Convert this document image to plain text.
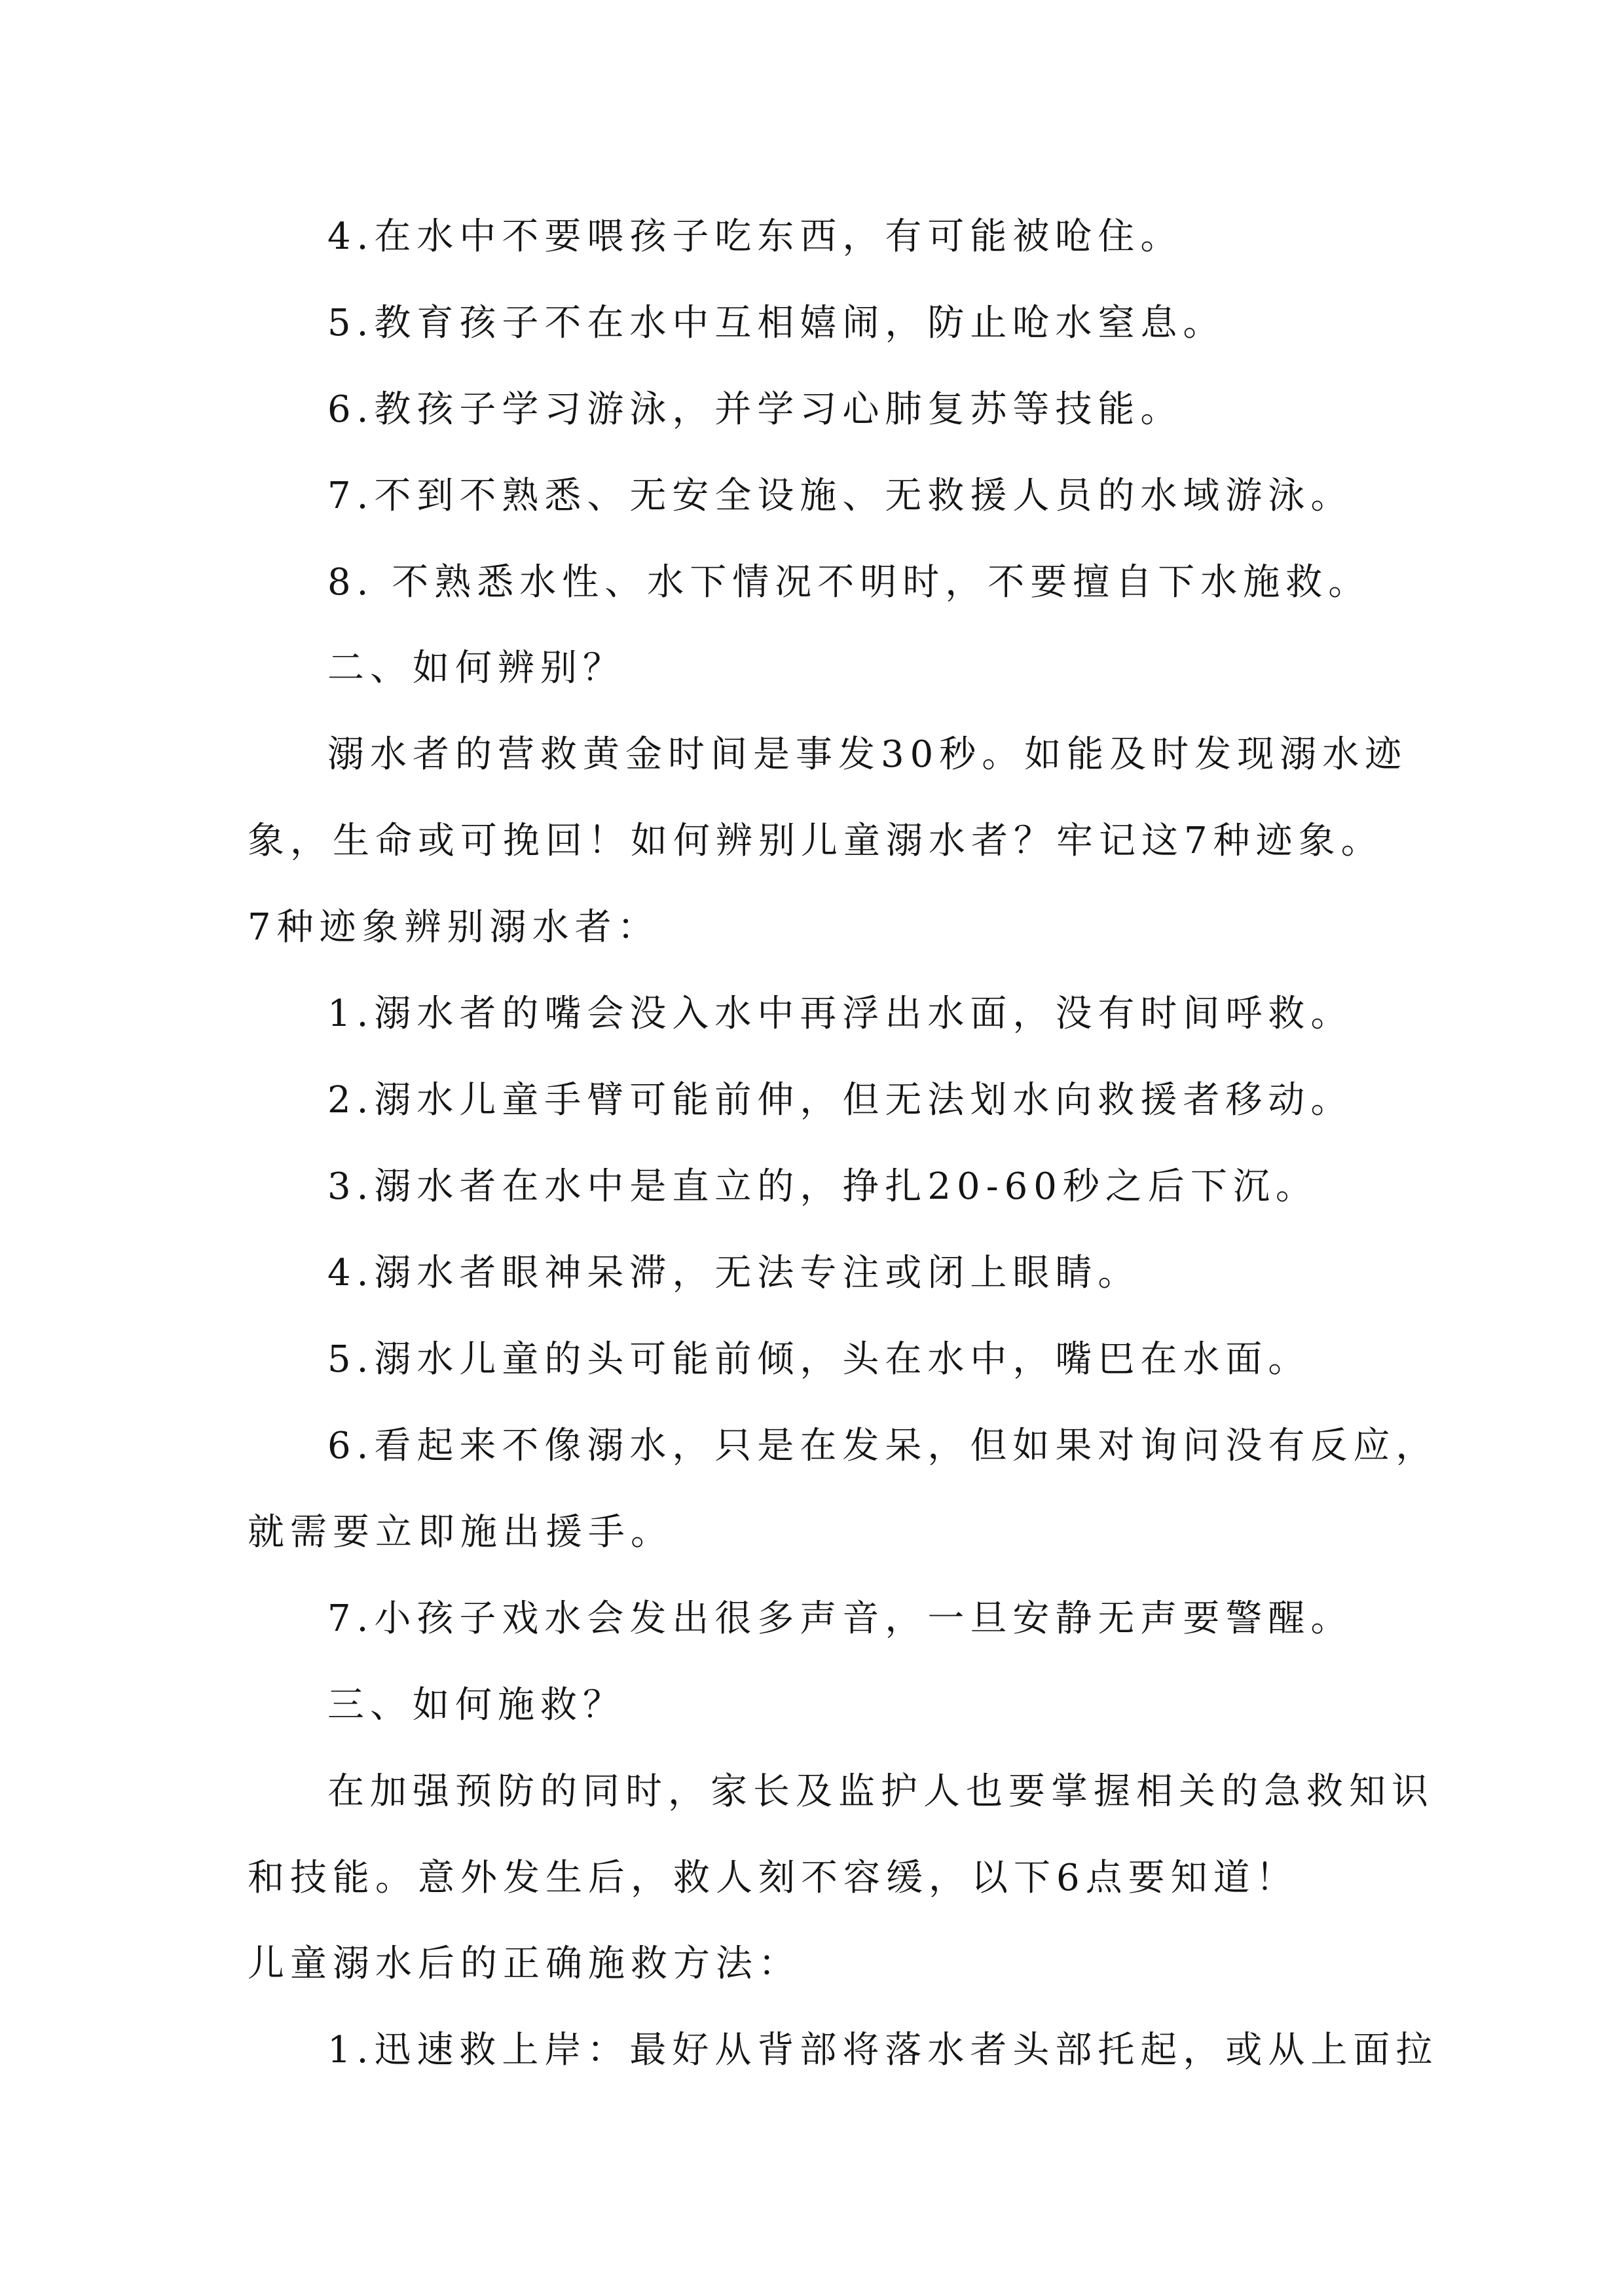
4.在水中不要喂孩子吃东西，有可能被呛住。

5.教育孩子不在水中互相嬉闹，防止呛水窒息。

6.教孩子学习游泳，并学习心肺复苏等技能。

7.不到不熟悉、无安全设施、无救援人员的水域游泳。

8. 不熟悉水性、水下情况不明时，不要擅自下水施救。

二、如何辨别？

溺水者的营救黄金时间是事发30秒。如能及时发现溺水迹

象，生命或可挽回！如何辨别儿童溺水者？牢记这7种迹象。

7种迹象辨别溺水者：

1.溺水者的嘴会没入水中再浮出水面，没有时间呼救。

2.溺水儿童手臂可能前伸，但无法划水向救援者移动。

3.溺水者在水中是直立的，挣扎20-60秒之后下沉。

4.溺水者眼神呆滞，无法专注或闭上眼睛。

5.溺水儿童的头可能前倾，头在水中，嘴巴在水面。

6.看起来不像溺水，只是在发呆，但如果对询问没有反应，

就需要立即施出援手。

7.小孩子戏水会发出很多声音，一旦安静无声要警醒。

三、如何施救？

在加强预防的同时，家长及监护人也要掌握相关的急救知识

和技能。意外发生后，救人刻不容缓，以下6点要知道！

儿童溺水后的正确施救方法：

1.迅速救上岸：最好从背部将落水者头部托起，或从上面拉
